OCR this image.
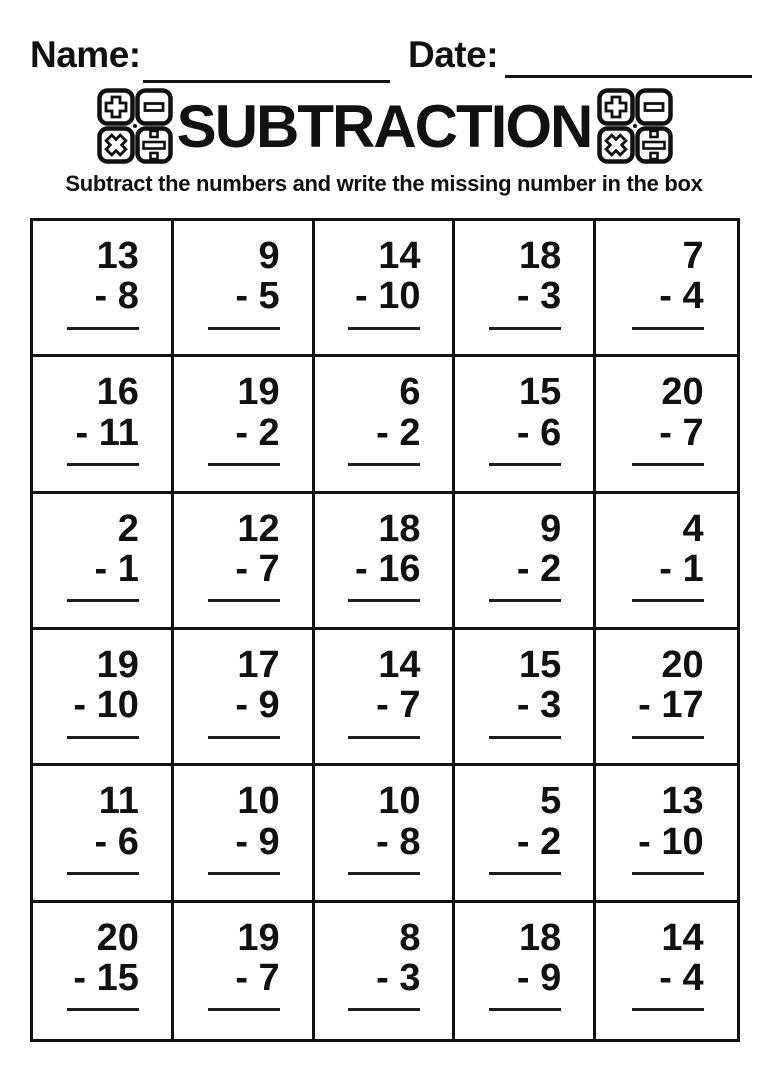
Name:	Date:
SUBTRACTION
Subtract the numbers and write the missing number in the box
13
- 8
9
- 5
14
- 10
18
- 3
7
- 4
16
- 11
19
- 2
6
- 2
15
- 6
20
- 7
2
- 1
12
- 7
18
- 16
9
- 2
4
- 1
19
- 10
17
- 9
14
- 7
15
- 3
20
- 17
11
- 6
10
- 9
10
- 8
5
- 2
13
- 10
20
- 15
19
- 7
8
- 3
18
- 9
14
- 4
